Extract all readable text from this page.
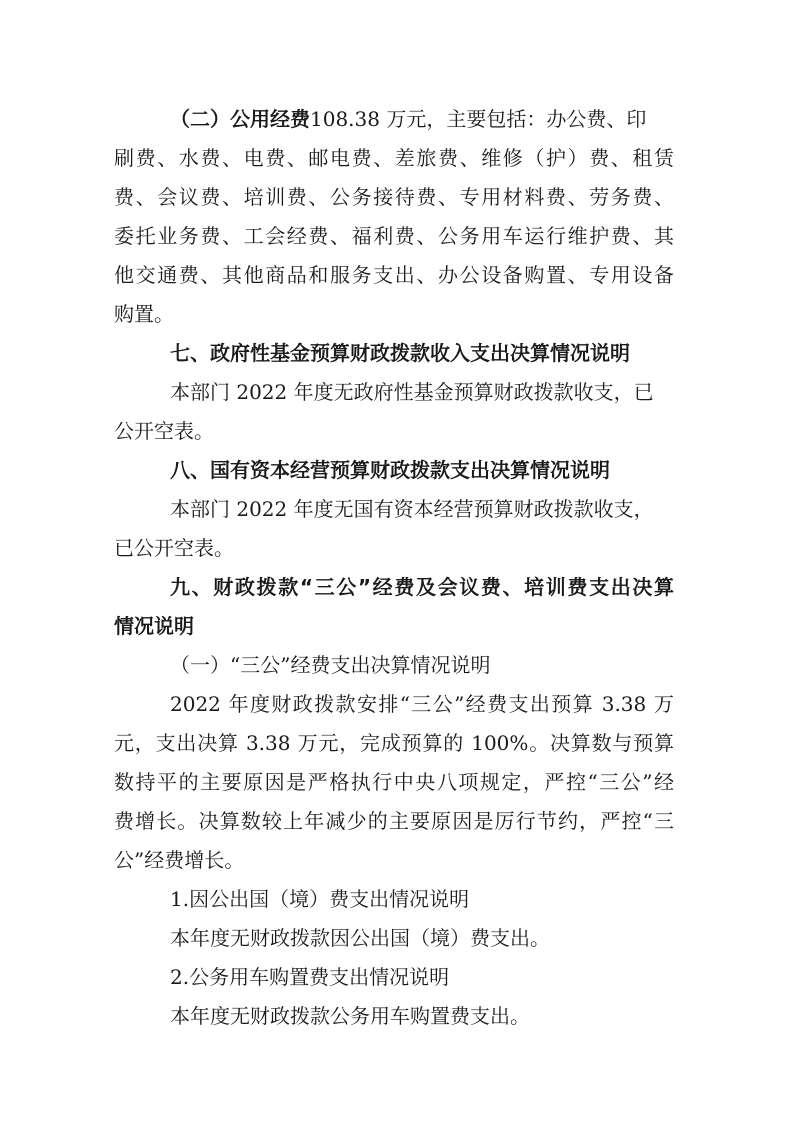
（二）公用经费108.38 万元，主要包括：办公费、印
刷费、水费、电费、邮电费、差旅费、维修（护）费、租赁
费、会议费、培训费、公务接待费、专用材料费、劳务费、
委托业务费、工会经费、福利费、公务用车运行维护费、其
他交通费、其他商品和服务支出、办公设备购置、专用设备
购置。
七、政府性基金预算财政拨款收入支出决算情况说明
本部门 2022 年度无政府性基金预算财政拨款收支，已
公开空表。
八、国有资本经营预算财政拨款支出决算情况说明
本部门 2022 年度无国有资本经营预算财政拨款收支，
已公开空表。
九、财政拨款“三公”经费及会议费、培训费支出决算
情况说明
（一）“三公”经费支出决算情况说明
2022 年度财政拨款安排“三公”经费支出预算 3.38 万
元，支出决算 3.38 万元，完成预算的 100%。决算数与预算
数持平的主要原因是严格执行中央八项规定，严控“三公”经
费增长。决算数较上年减少的主要原因是厉行节约，严控“三
公”经费增长。
1.因公出国（境）费支出情况说明
本年度无财政拨款因公出国（境）费支出。
2.公务用车购置费支出情况说明
本年度无财政拨款公务用车购置费支出。
